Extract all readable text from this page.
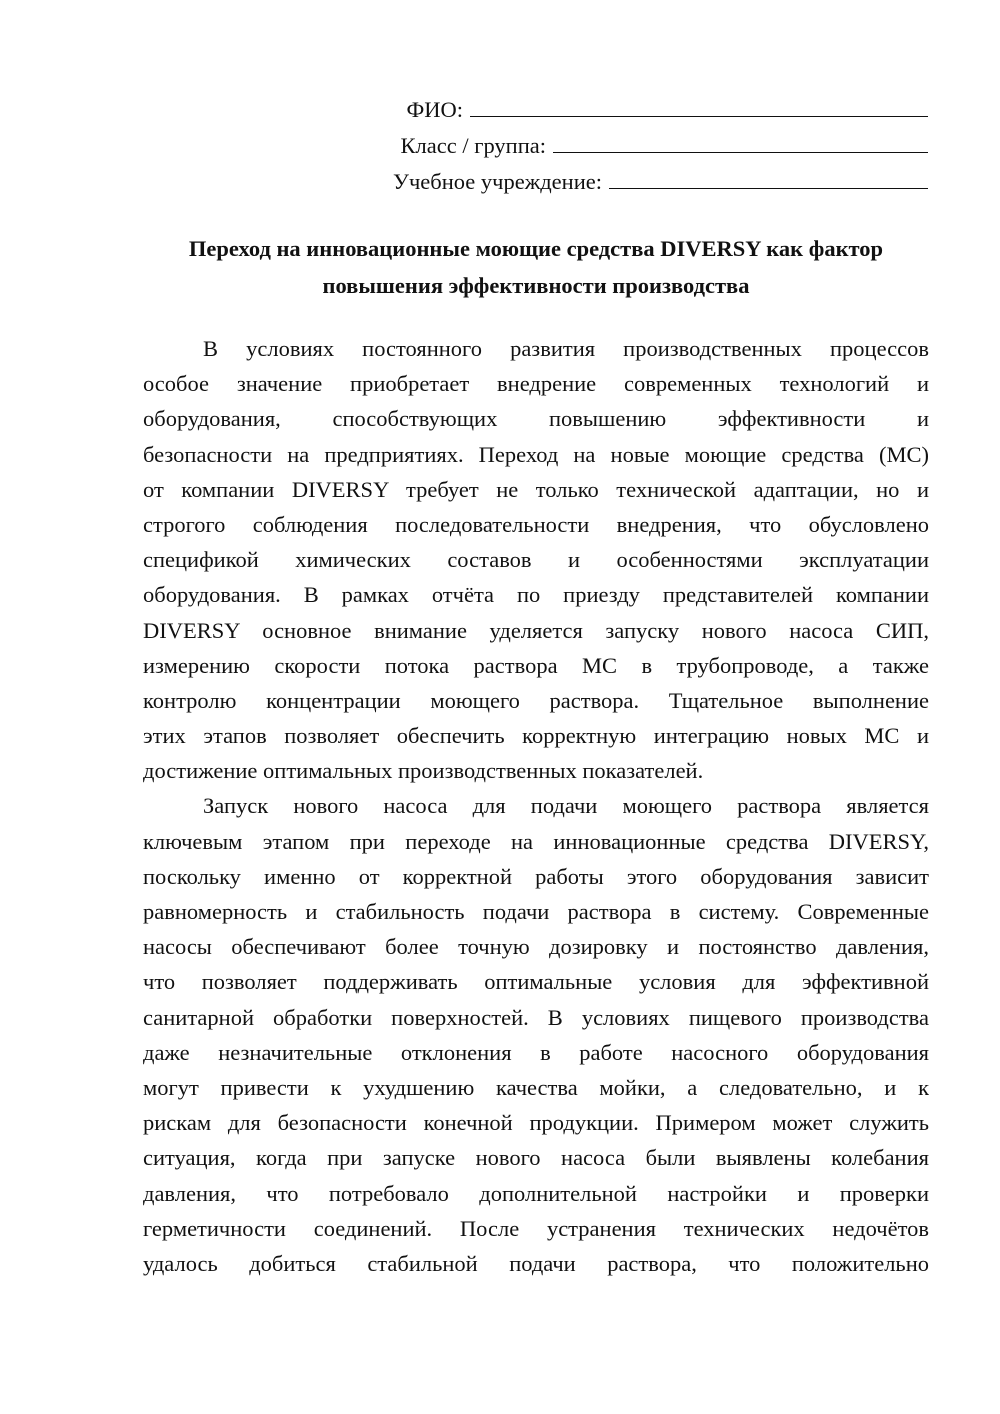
ФИО:
Класс / группа:
Учебное учреждение:
Переход на инновационные моющие средства DIVERSY как фактор
повышения эффективности производства
В условиях постоянного развития производственных процессов
особое значение приобретает внедрение современных технологий и
оборудования, способствующих повышению эффективности и
безопасности на предприятиях. Переход на новые моющие средства (МС)
от компании DIVERSY требует не только технической адаптации, но и
строгого соблюдения последовательности внедрения, что обусловлено
спецификой химических составов и особенностями эксплуатации
оборудования. В рамках отчёта по приезду представителей компании
DIVERSY основное внимание уделяется запуску нового насоса СИП,
измерению скорости потока раствора МС в трубопроводе, а также
контролю концентрации моющего раствора. Тщательное выполнение
этих этапов позволяет обеспечить корректную интеграцию новых МС и
достижение оптимальных производственных показателей.
Запуск нового насоса для подачи моющего раствора является
ключевым этапом при переходе на инновационные средства DIVERSY,
поскольку именно от корректной работы этого оборудования зависит
равномерность и стабильность подачи раствора в систему. Современные
насосы обеспечивают более точную дозировку и постоянство давления,
что позволяет поддерживать оптимальные условия для эффективной
санитарной обработки поверхностей. В условиях пищевого производства
даже незначительные отклонения в работе насосного оборудования
могут привести к ухудшению качества мойки, а следовательно, и к
рискам для безопасности конечной продукции. Примером может служить
ситуация, когда при запуске нового насоса были выявлены колебания
давления, что потребовало дополнительной настройки и проверки
герметичности соединений. После устранения технических недочётов
удалось добиться стабильной подачи раствора, что положительно
